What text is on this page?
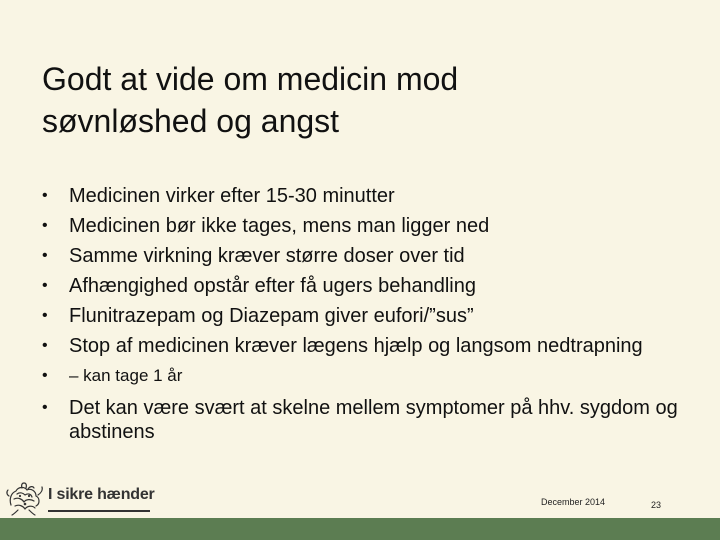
Godt at vide om medicin mod
søvnløshed og angst
• Medicinen virker efter 15-30 minutter
• Medicinen bør ikke tages, mens man ligger ned
• Samme virkning kræver større doser over tid
• Afhængighed opstår efter få ugers behandling
• Flunitrazepam og Diazepam giver eufori/”sus”
• Stop af medicinen kræver lægens hjælp og langsom nedtrapning
• – kan tage 1 år
• Det kan være svært at skelne mellem symptomer på hhv. sygdom og abstinens
I sikre hænder	December 2014	23
